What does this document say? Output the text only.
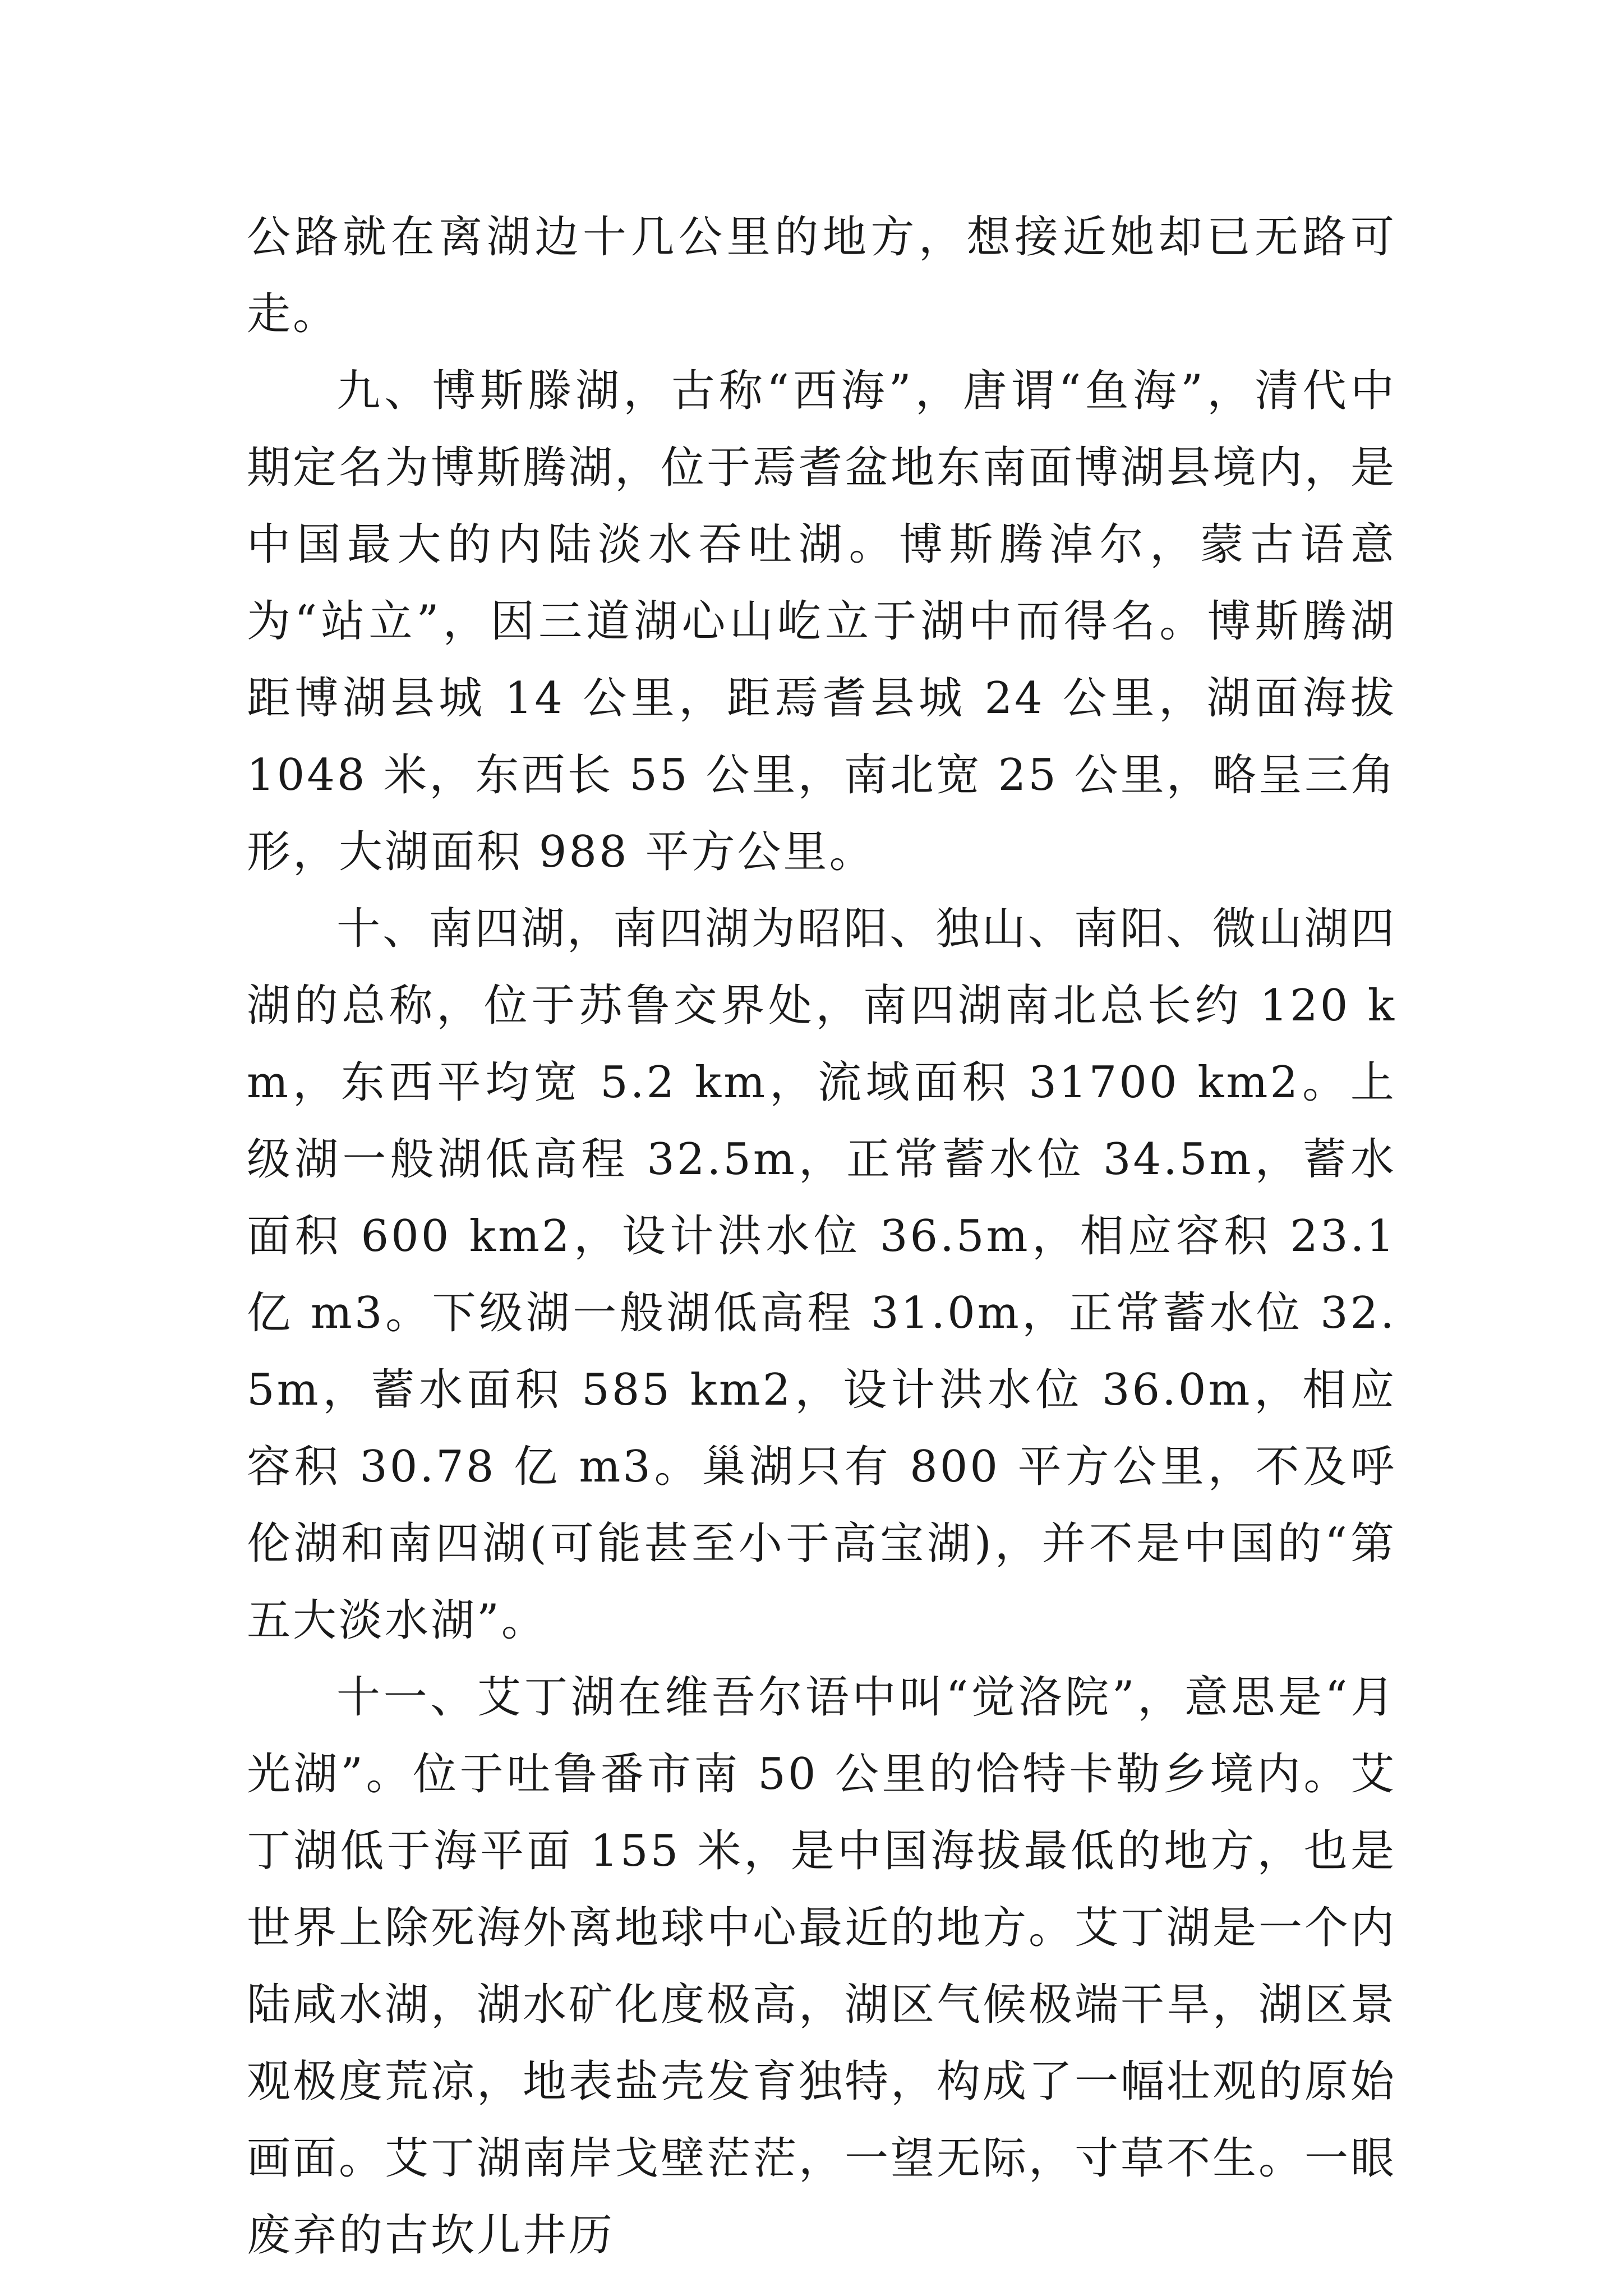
公路就在离湖边十几公里的地方，想接近她却已无路可走。

九、博斯滕湖，古称“西海”，唐谓“鱼海”，清代中期定名为博斯腾湖，位于焉耆盆地东南面博湖县境内，是中国最大的内陆淡水吞吐湖。博斯腾淖尔，蒙古语意为“站立”，因三道湖心山屹立于湖中而得名。博斯腾湖距博湖县城 14 公里，距焉耆县城 24 公里，湖面海拔 1048 米，东西长 55 公里，南北宽 25 公里，略呈三角形，大湖面积 988 平方公里。

十、南四湖，南四湖为昭阳、独山、南阳、微山湖四湖的总称，位于苏鲁交界处，南四湖南北总长约 120 km，东西平均宽 5.2 km，流域面积 31700 km2。上级湖一般湖低高程 32.5m，正常蓄水位 34.5m，蓄水面积 600 km2，设计洪水位 36.5m，相应容积 23.1 亿 m3。下级湖一般湖低高程 31.0m，正常蓄水位 32.5m，蓄水面积 585 km2，设计洪水位 36.0m，相应容积 30.78 亿 m3。巢湖只有 800 平方公里，不及呼伦湖和南四湖(可能甚至小于高宝湖)，并不是中国的“第五大淡水湖”。

十一、艾丁湖在维吾尔语中叫“觉洛院”，意思是“月光湖”。位于吐鲁番市南 50 公里的恰特卡勒乡境内。艾丁湖低于海平面 155 米，是中国海拔最低的地方，也是世界上除死海外离地球中心最近的地方。艾丁湖是一个内陆咸水湖，湖水矿化度极高，湖区气候极端干旱，湖区景观极度荒凉，地表盐壳发育独特，构成了一幅壮观的原始画面。艾丁湖南岸戈壁茫茫，一望无际，寸草不生。一眼废弃的古坎儿井历
